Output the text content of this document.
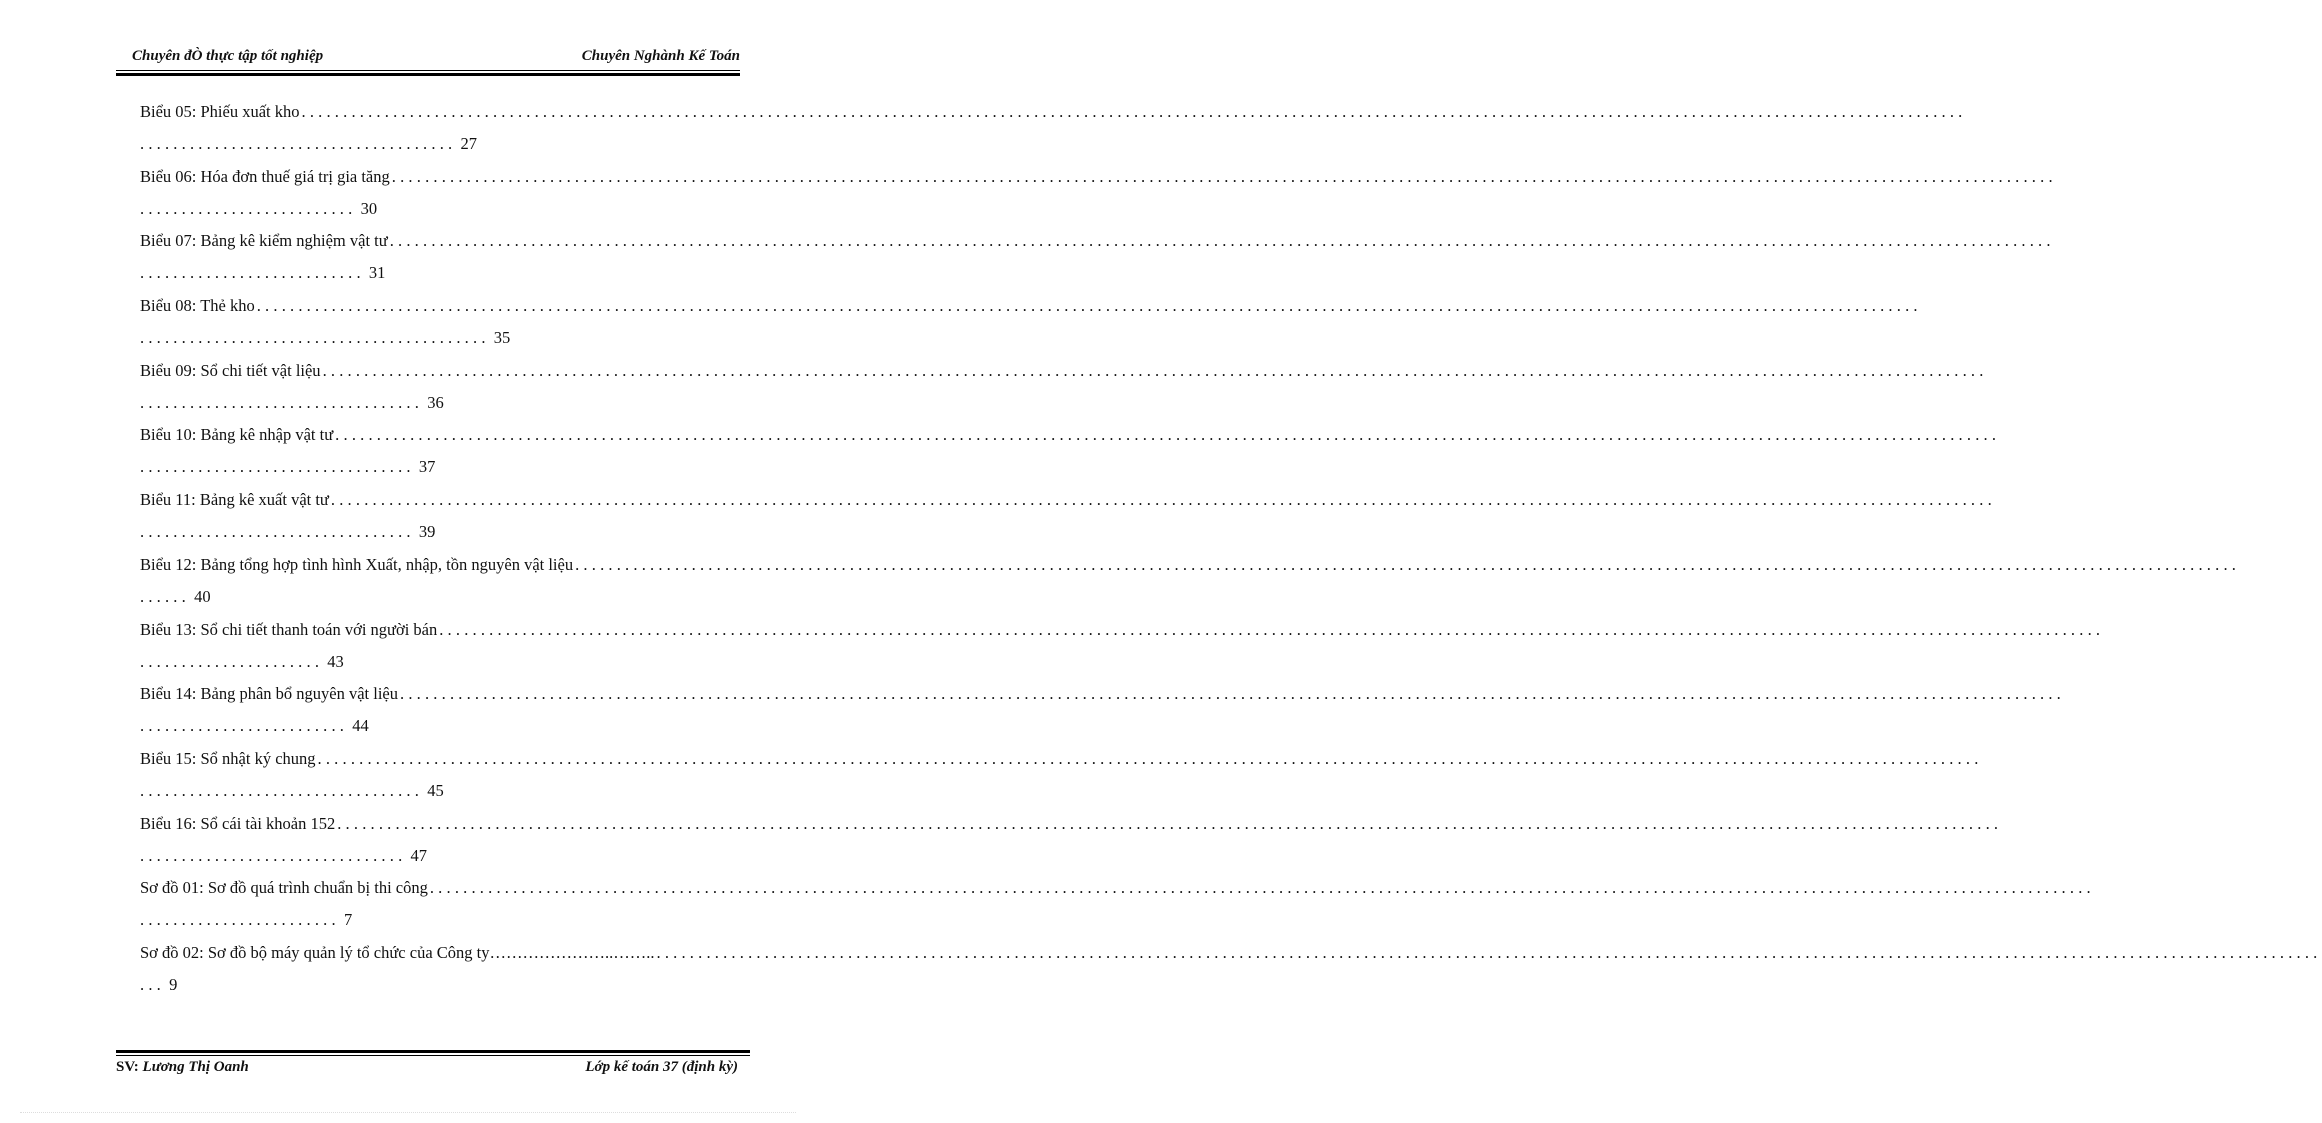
Chuyên đÒ thực tập tốt nghiệp	Chuyên Nghành Kế Toán
Biểu 05: Phiếu xuất kho ........................................................................................................................................................................................................
...................................... 27
Biểu 06: Hóa đơn thuế giá trị gia tăng ........................................................................................................................................................................................................
.......................... 30
Biểu 07: Bảng kê kiểm nghiệm vật tư ........................................................................................................................................................................................................
........................... 31
Biểu 08: Thẻ kho ........................................................................................................................................................................................................
.......................................... 35
Biểu 09: Sổ chi tiết vật liệu ........................................................................................................................................................................................................
.................................. 36
Biểu 10: Bảng kê nhập vật tư ........................................................................................................................................................................................................
................................. 37
Biểu 11: Bảng kê xuất vật tư ........................................................................................................................................................................................................
................................. 39
Biểu 12: Bảng tổng hợp tình hình Xuất, nhập, tồn nguyên vật liệu ........................................................................................................................................................................................................
...... 40
Biểu 13: Sổ chi tiết thanh toán với người bán ........................................................................................................................................................................................................
...................... 43
Biểu 14: Bảng phân bổ nguyên vật liệu ........................................................................................................................................................................................................
......................... 44
Biểu 15: Sổ nhật ký chung ........................................................................................................................................................................................................
.................................. 45
Biểu 16: Sổ cái tài khoản 152 ........................................................................................................................................................................................................
................................ 47
Sơ đồ 01: Sơ đồ quá trình chuẩn bị thi công ........................................................................................................................................................................................................
........................ 7
Sơ đồ 02: Sơ đồ bộ máy quản lý tổ chức của Công ty…………………..…….. ........................................................................................................................................................................................................
... 9
SV: Lương Thị Oanh	Lớp kế toán 37 (định kỳ)
